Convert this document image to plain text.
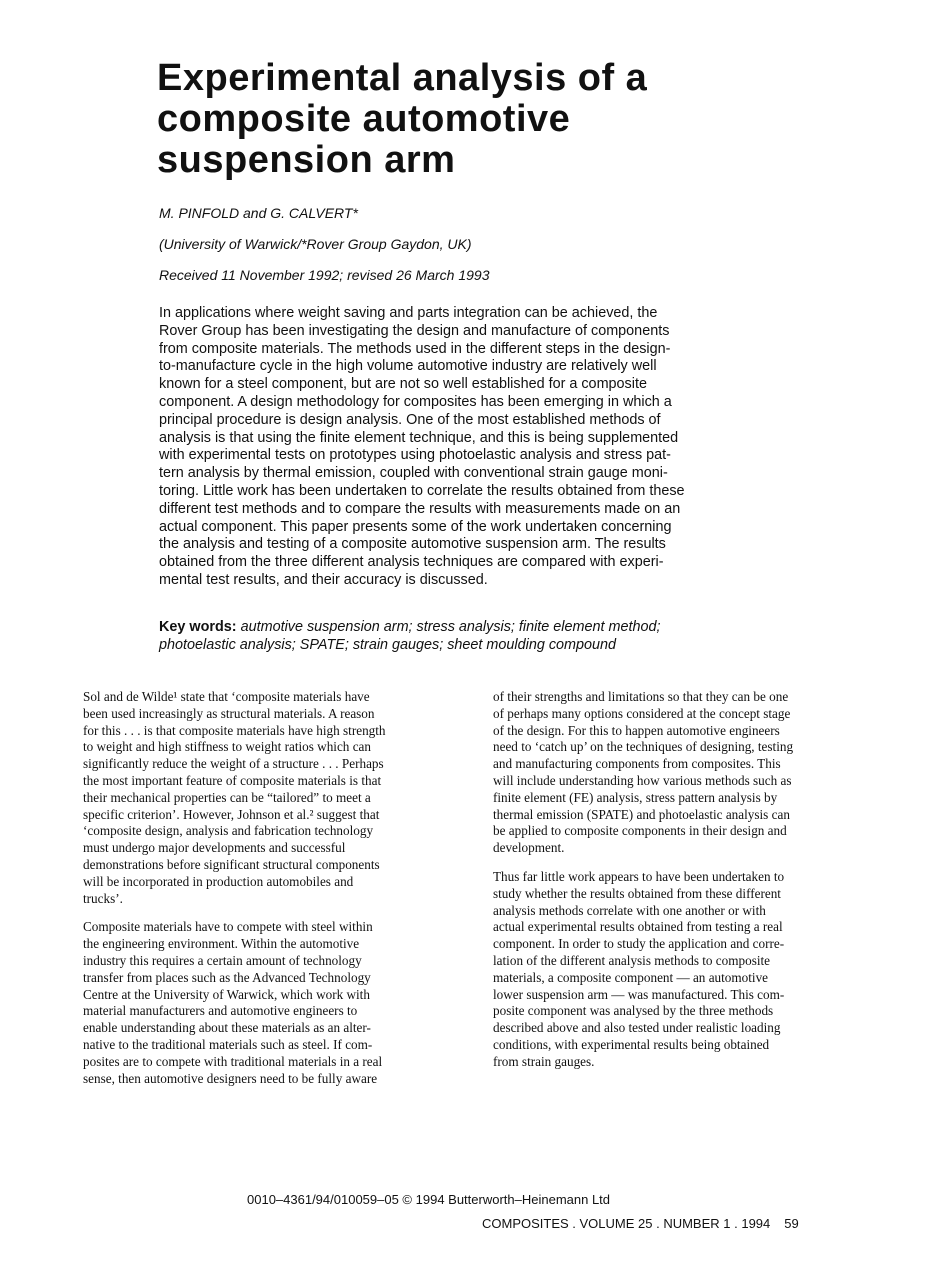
Experimental analysis of a
composite automotive
suspension arm

M. PINFOLD and G. CALVERT*

(University of Warwick/*Rover Group Gaydon, UK)

Received 11 November 1992; revised 26 March 1993

In applications where weight saving and parts integration can be achieved, the
Rover Group has been investigating the design and manufacture of components
from composite materials. The methods used in the different steps in the design-
to-manufacture cycle in the high volume automotive industry are relatively well
known for a steel component, but are not so well established for a composite
component. A design methodology for composites has been emerging in which a
principal procedure is design analysis. One of the most established methods of
analysis is that using the finite element technique, and this is being supplemented
with experimental tests on prototypes using photoelastic analysis and stress pat-
tern analysis by thermal emission, coupled with conventional strain gauge moni-
toring. Little work has been undertaken to correlate the results obtained from these
different test methods and to compare the results with measurements made on an
actual component. This paper presents some of the work undertaken concerning
the analysis and testing of a composite automotive suspension arm. The results
obtained from the three different analysis techniques are compared with experi-
mental test results, and their accuracy is discussed.
Key words: autmotive suspension arm; stress analysis; finite element method;
photoelastic analysis; SPATE; strain gauges; sheet moulding compound
Sol and de Wilde¹ state that ‘composite materials have
been used increasingly as structural materials. A reason
for this . . . is that composite materials have high strength
to weight and high stiffness to weight ratios which can
significantly reduce the weight of a structure . . . Perhaps
the most important feature of composite materials is that
their mechanical properties can be “tailored” to meet a
specific criterion’. However, Johnson et al.² suggest that
‘composite design, analysis and fabrication technology
must undergo major developments and successful
demonstrations before significant structural components
will be incorporated in production automobiles and
trucks’.
Composite materials have to compete with steel within
the engineering environment. Within the automotive
industry this requires a certain amount of technology
transfer from places such as the Advanced Technology
Centre at the University of Warwick, which work with
material manufacturers and automotive engineers to
enable understanding about these materials as an alter-
native to the traditional materials such as steel. If com-
posites are to compete with traditional materials in a real
sense, then automotive designers need to be fully aware
of their strengths and limitations so that they can be one
of perhaps many options considered at the concept stage
of the design. For this to happen automotive engineers
need to ‘catch up’ on the techniques of designing, testing
and manufacturing components from composites. This
will include understanding how various methods such as
finite element (FE) analysis, stress pattern analysis by
thermal emission (SPATE) and photoelastic analysis can
be applied to composite components in their design and
development.
Thus far little work appears to have been undertaken to
study whether the results obtained from these different
analysis methods correlate with one another or with
actual experimental results obtained from testing a real
component. In order to study the application and corre-
lation of the different analysis methods to composite
materials, a composite component — an automotive
lower suspension arm — was manufactured. This com-
posite component was analysed by the three methods
described above and also tested under realistic loading
conditions, with experimental results being obtained
from strain gauges.
0010–4361/94/010059–05 © 1994 Butterworth–Heinemann Ltd
COMPOSITES . VOLUME 25 . NUMBER 1 . 1994 59
